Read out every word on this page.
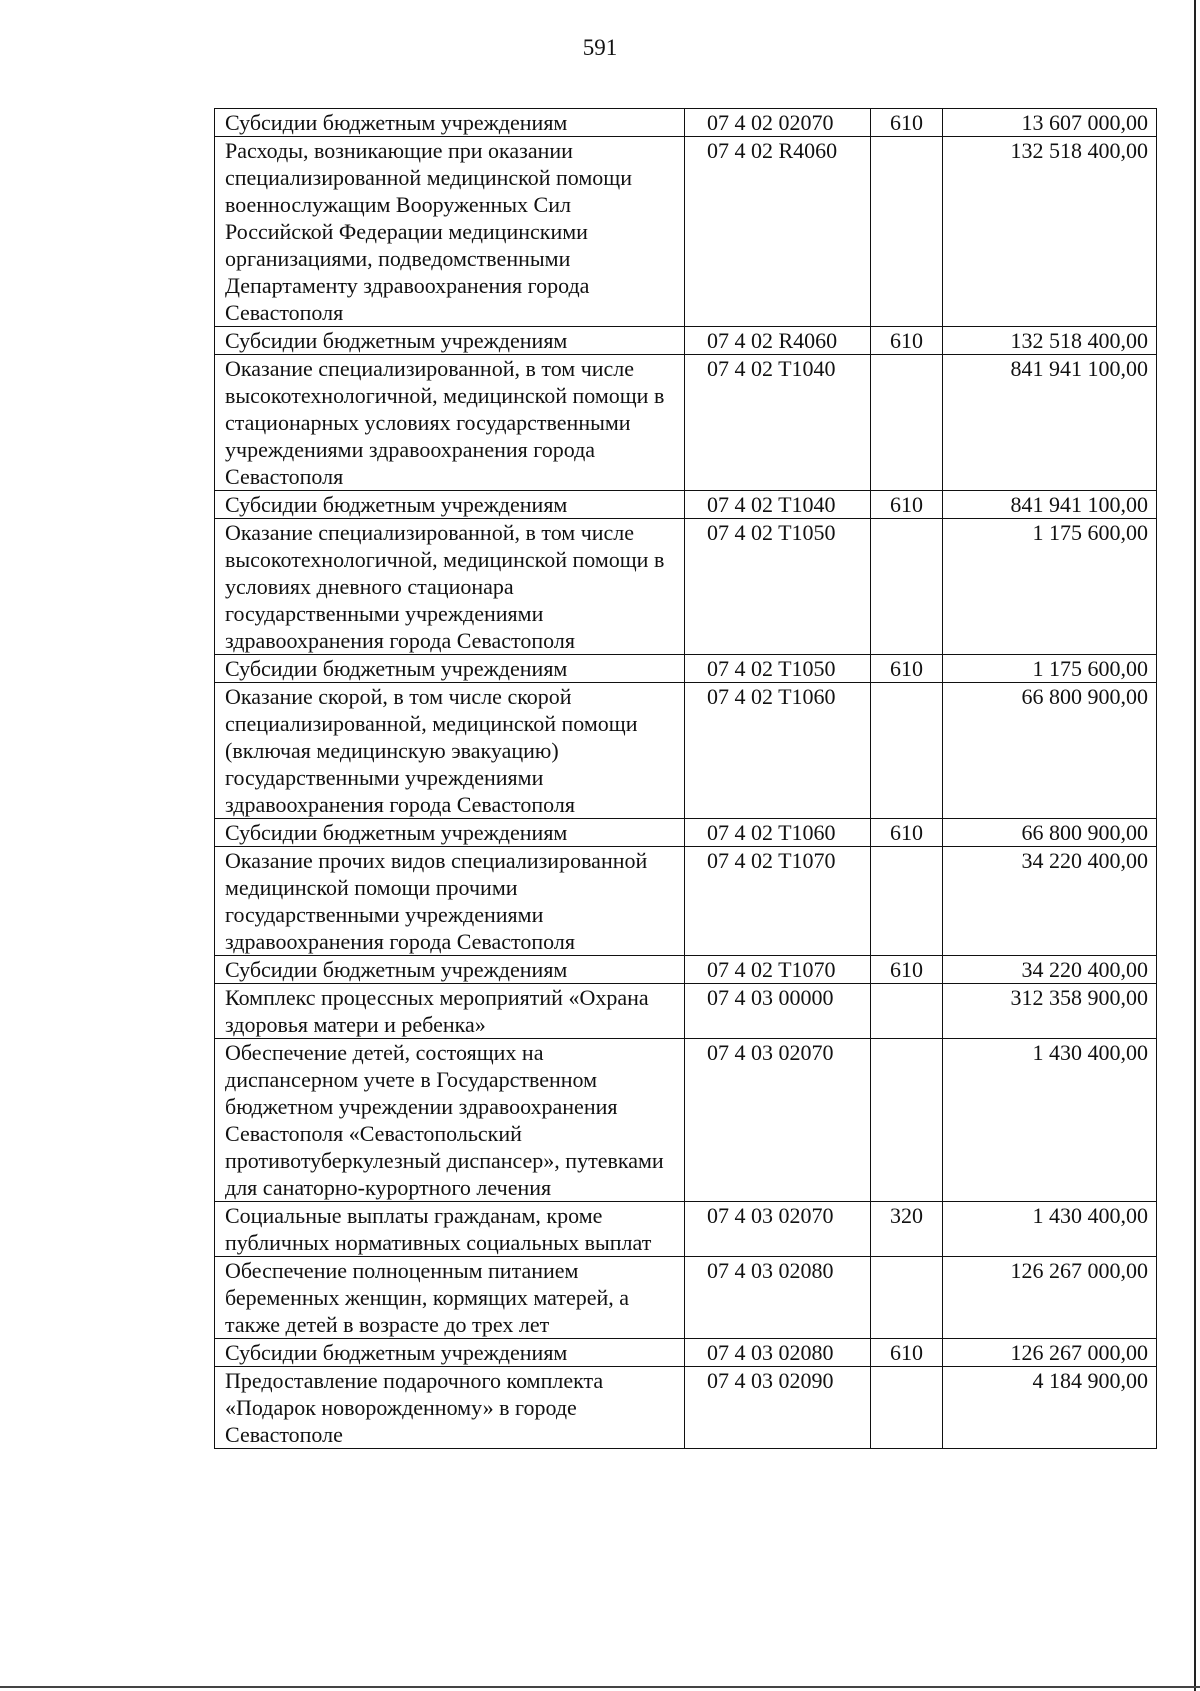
591
Субсидии бюджетным учреждениям	07 4 02 02070	610	13 607 000,00
Расходы, возникающие при оказании специализированной медицинской помощи военнослужащим Вооруженных Сил Российской Федерации медицинскими организациями, подведомственными Департаменту здравоохранения города Севастополя	07 4 02 R4060		132 518 400,00
Субсидии бюджетным учреждениям	07 4 02 R4060	610	132 518 400,00
Оказание специализированной, в том числе высокотехнологичной, медицинской помощи в стационарных условиях государственными учреждениями здравоохранения города Севастополя	07 4 02 T1040		841 941 100,00
Субсидии бюджетным учреждениям	07 4 02 T1040	610	841 941 100,00
Оказание специализированной, в том числе высокотехнологичной, медицинской помощи в условиях дневного стационара государственными учреждениями здравоохранения города Севастополя	07 4 02 T1050		1 175 600,00
Субсидии бюджетным учреждениям	07 4 02 T1050	610	1 175 600,00
Оказание скорой, в том числе скорой специализированной, медицинской помощи (включая медицинскую эвакуацию) государственными учреждениями здравоохранения города Севастополя	07 4 02 T1060		66 800 900,00
Субсидии бюджетным учреждениям	07 4 02 T1060	610	66 800 900,00
Оказание прочих видов специализированной медицинской помощи прочими государственными учреждениями здравоохранения города Севастополя	07 4 02 T1070		34 220 400,00
Субсидии бюджетным учреждениям	07 4 02 T1070	610	34 220 400,00
Комплекс процессных мероприятий «Охрана здоровья матери и ребенка»	07 4 03 00000		312 358 900,00
Обеспечение детей, состоящих на диспансерном учете в Государственном бюджетном учреждении здравоохранения Севастополя «Севастопольский противотуберкулезный диспансер», путевками для санаторно-курортного лечения	07 4 03 02070		1 430 400,00
Социальные выплаты гражданам, кроме публичных нормативных социальных выплат	07 4 03 02070	320	1 430 400,00
Обеспечение полноценным питанием беременных женщин, кормящих матерей, а также детей в возрасте до трех лет	07 4 03 02080		126 267 000,00
Субсидии бюджетным учреждениям	07 4 03 02080	610	126 267 000,00
Предоставление подарочного комплекта «Подарок новорожденному» в городе Севастополе	07 4 03 02090		4 184 900,00
